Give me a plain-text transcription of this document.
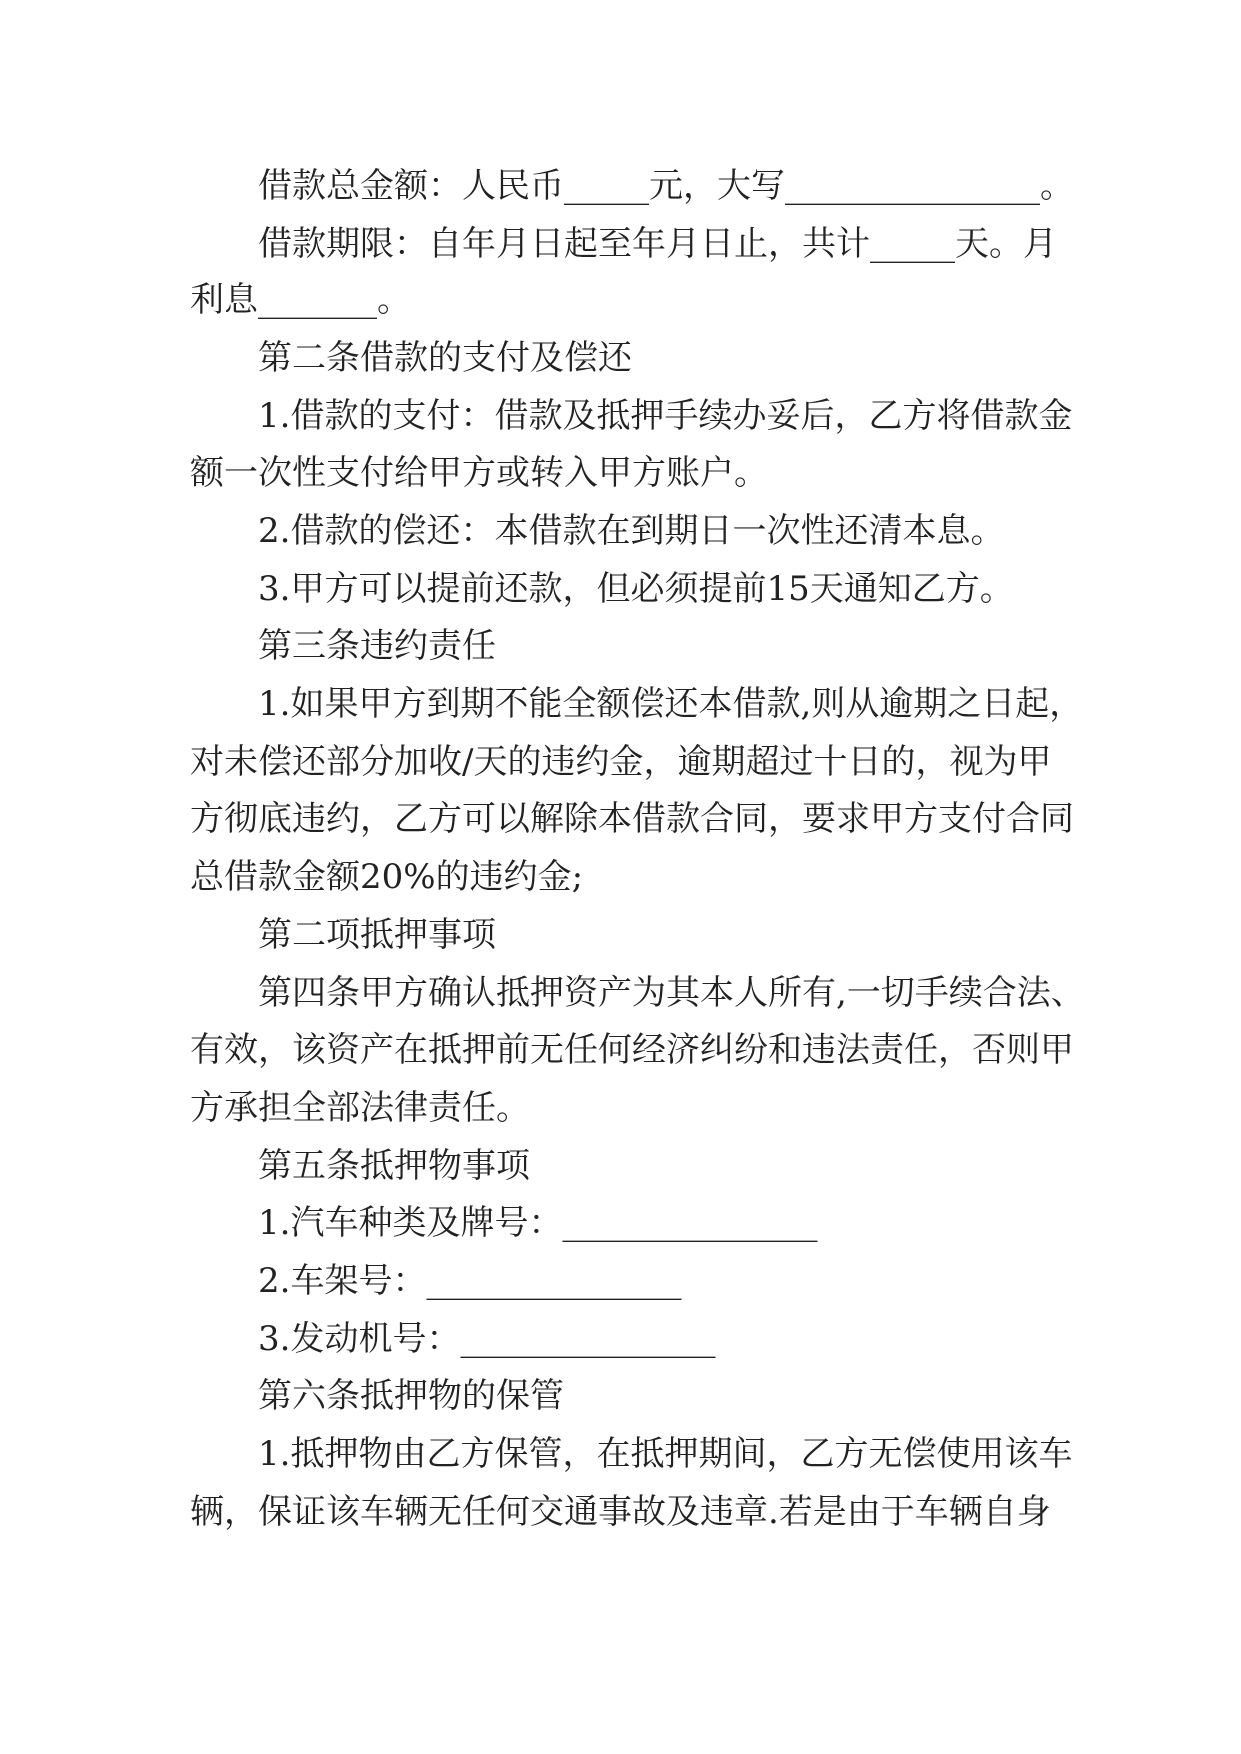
借款总金额：人民币_____元，大写_______________。
借款期限：自年月日起至年月日止，共计_____天。月
利息_______。
第二条借款的支付及偿还
1.借款的支付：借款及抵押手续办妥后，乙方将借款金
额一次性支付给甲方或转入甲方账户。
2.借款的偿还：本借款在到期日一次性还清本息。
3.甲方可以提前还款，但必须提前15天通知乙方。
第三条违约责任
1.如果甲方到期不能全额偿还本借款,则从逾期之日起，
对未偿还部分加收/天的违约金，逾期超过十日的，视为甲
方彻底违约，乙方可以解除本借款合同，要求甲方支付合同
总借款金额20%的违约金;
第二项抵押事项
第四条甲方确认抵押资产为其本人所有,一切手续合法、
有效，该资产在抵押前无任何经济纠纷和违法责任，否则甲
方承担全部法律责任。
第五条抵押物事项
1.汽车种类及牌号：_______________
2.车架号：_______________
3.发动机号：_______________
第六条抵押物的保管
1.抵押物由乙方保管，在抵押期间，乙方无偿使用该车
辆，保证该车辆无任何交通事故及违章.若是由于车辆自身
